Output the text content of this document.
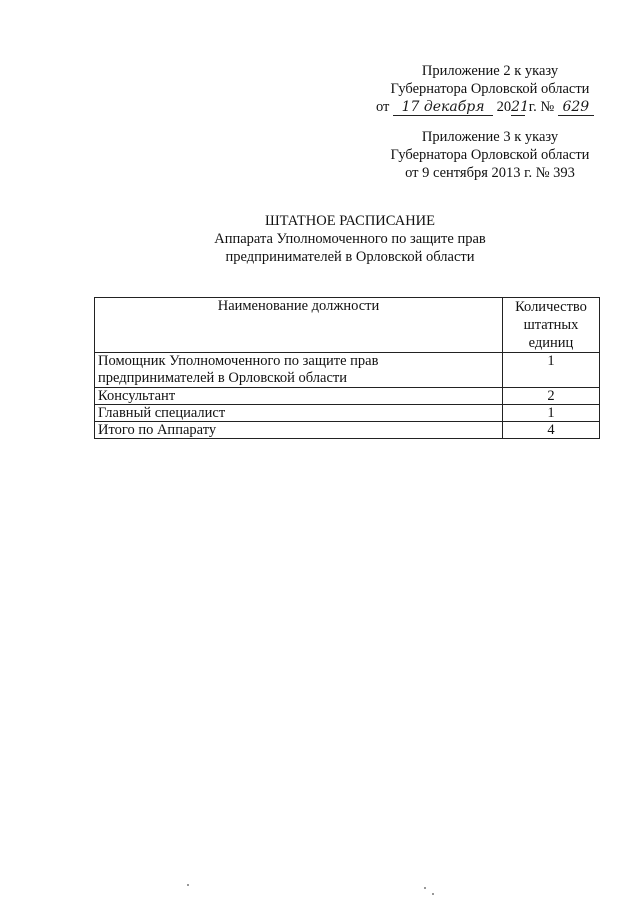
Приложение 2 к указу
Губернатора Орловской области
от 17 декабря 2021 г. № 629
Приложение 3 к указу
Губернатора Орловской области
от 9 сентября 2013 г. № 393
ШТАТНОЕ РАСПИСАНИЕ
Аппарата Уполномоченного по защите прав
предпринимателей в Орловской области
Наименование должности	Количество
штатных
единиц

Помощник Уполномоченного по защите прав
предпринимателей в Орловской области	1
Консультант	2
Главный специалист	1
Итого по Аппарату	4
